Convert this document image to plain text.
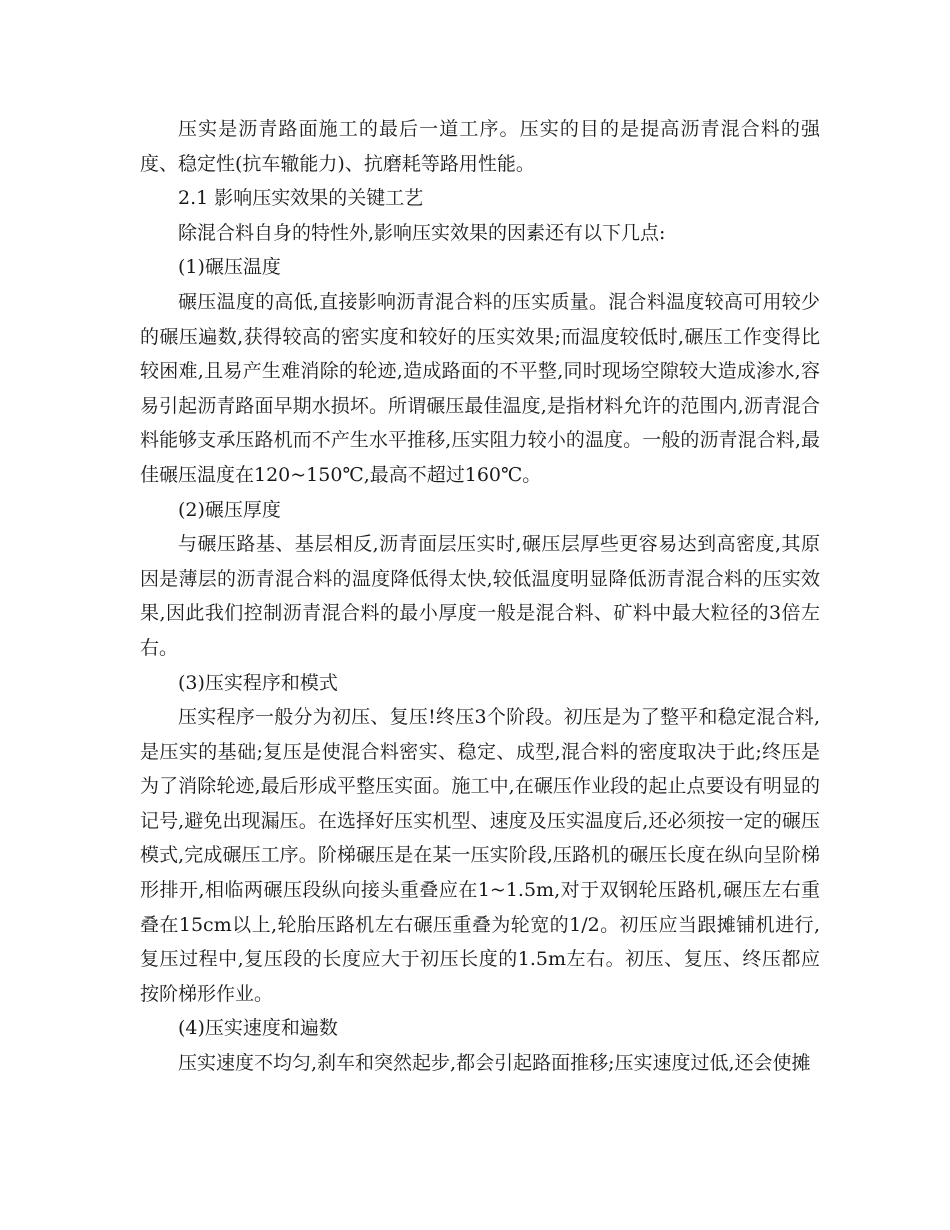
压实是沥青路面施工的最后一道工序。压实的目的是提高沥青混合料的强度、稳定性(抗车辙能力)、抗磨耗等路用性能。

2.1 影响压实效果的关键工艺

除混合料自身的特性外,影响压实效果的因素还有以下几点:

(1)碾压温度

碾压温度的高低,直接影响沥青混合料的压实质量。混合料温度较高可用较少的碾压遍数,获得较高的密实度和较好的压实效果;而温度较低时,碾压工作变得比较困难,且易产生难消除的轮迹,造成路面的不平整,同时现场空隙较大造成渗水,容易引起沥青路面早期水损坏。所谓碾压最佳温度,是指材料允许的范围内,沥青混合料能够支承压路机而不产生水平推移,压实阻力较小的温度。一般的沥青混合料,最佳碾压温度在120~150℃,最高不超过160℃。

(2)碾压厚度

与碾压路基、基层相反,沥青面层压实时,碾压层厚些更容易达到高密度,其原因是薄层的沥青混合料的温度降低得太快,较低温度明显降低沥青混合料的压实效果,因此我们控制沥青混合料的最小厚度一般是混合料、矿料中最大粒径的3倍左右。

(3)压实程序和模式

压实程序一般分为初压、复压!终压3个阶段。初压是为了整平和稳定混合料,是压实的基础;复压是使混合料密实、稳定、成型,混合料的密度取决于此;终压是为了消除轮迹,最后形成平整压实面。施工中,在碾压作业段的起止点要设有明显的记号,避免出现漏压。在选择好压实机型、速度及压实温度后,还必须按一定的碾压模式,完成碾压工序。阶梯碾压是在某一压实阶段,压路机的碾压长度在纵向呈阶梯形排开,相临两碾压段纵向接头重叠应在1~1.5m,对于双钢轮压路机,碾压左右重叠在15cm以上,轮胎压路机左右碾压重叠为轮宽的1/2。初压应当跟摊铺机进行,复压过程中,复压段的长度应大于初压长度的1.5m左右。初压、复压、终压都应按阶梯形作业。

(4)压实速度和遍数

压实速度不均匀,刹车和突然起步,都会引起路面推移;压实速度过低,还会使摊
